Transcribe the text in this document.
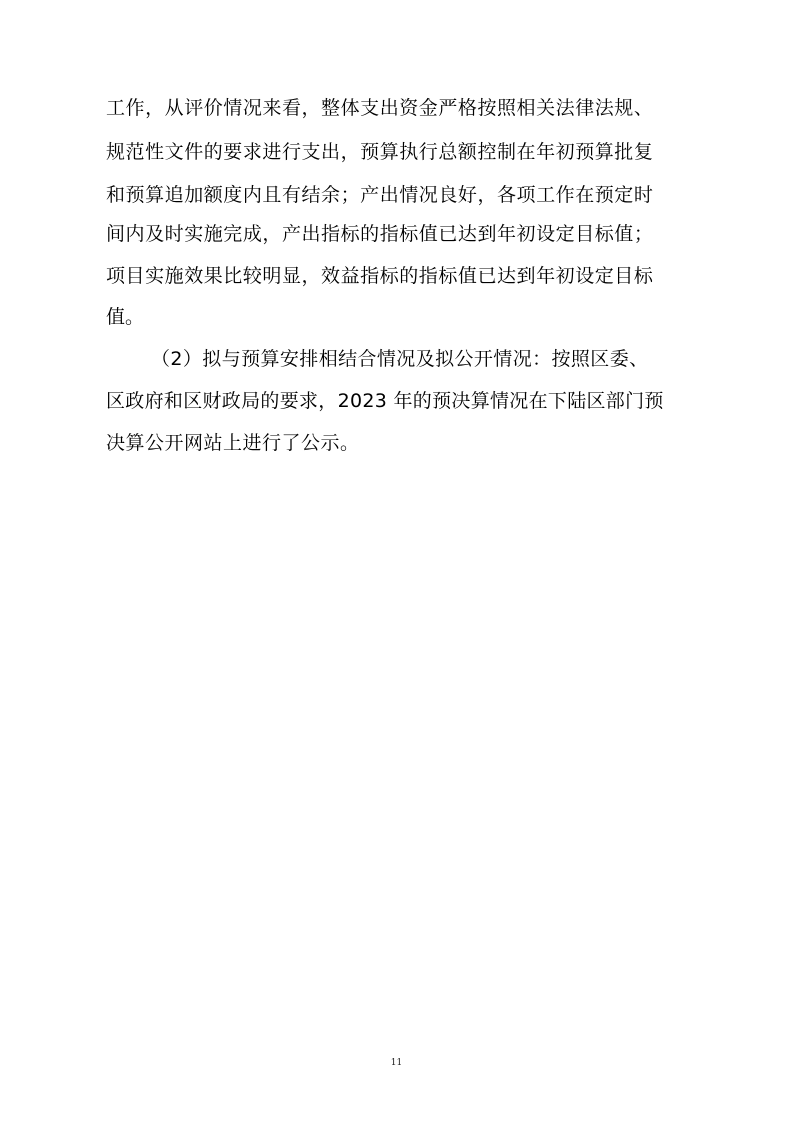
工作，从评价情况来看，整体支出资金严格按照相关法律法规、
规范性文件的要求进行支出，预算执行总额控制在年初预算批复
和预算追加额度内且有结余；产出情况良好，各项工作在预定时
间内及时实施完成，产出指标的指标值已达到年初设定目标值；
项目实施效果比较明显，效益指标的指标值已达到年初设定目标
值。
（2）拟与预算安排相结合情况及拟公开情况：按照区委、
区政府和区财政局的要求，2023 年的预决算情况在下陆区部门预
决算公开网站上进行了公示。
11
